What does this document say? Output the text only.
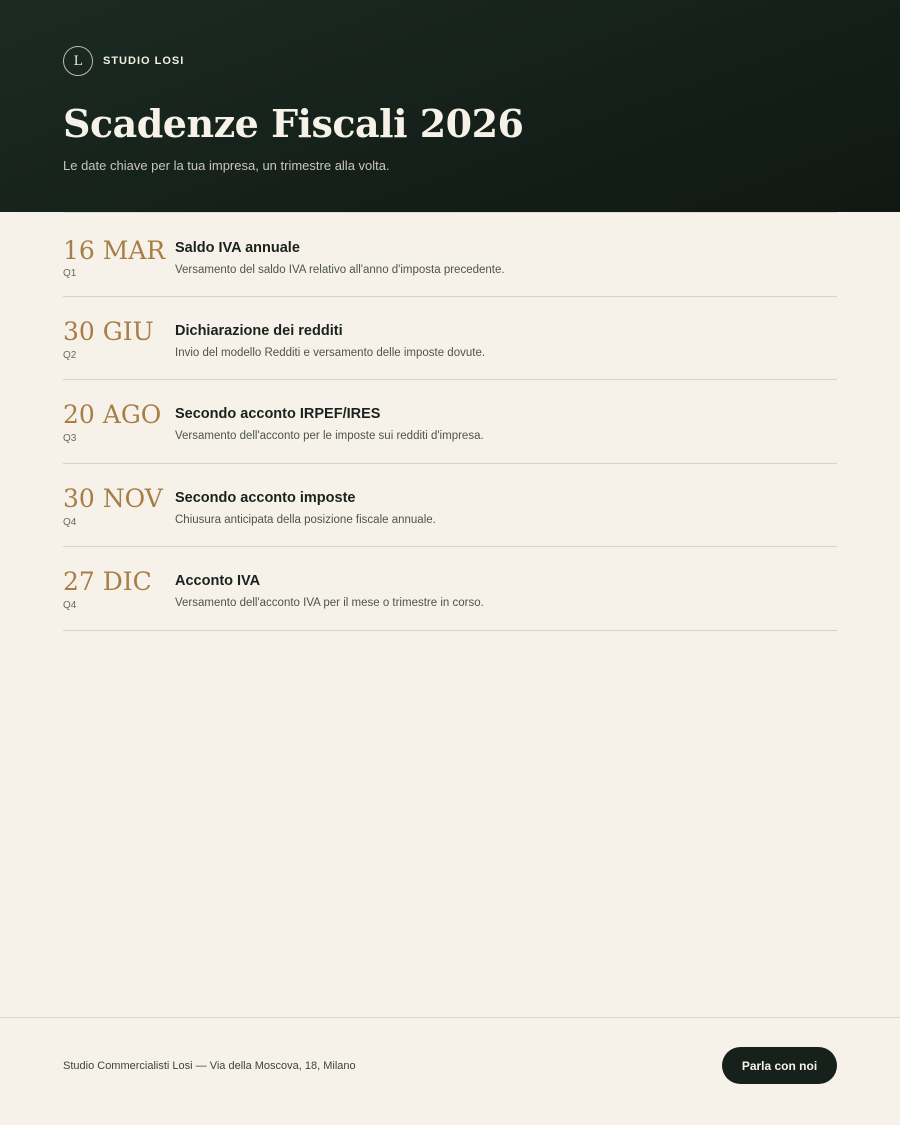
L	STUDIO LOSI
Scadenze Fiscali 2026

Le date chiave per la tua impresa, un trimestre alla volta.

16 MAR
Q1
Saldo IVA annuale
Versamento del saldo IVA relativo all'anno d'imposta precedente.
30 GIU
Q2
Dichiarazione dei redditi
Invio del modello Redditi e versamento delle imposte dovute.
20 AGO
Q3
Secondo acconto IRPEF/IRES
Versamento dell'acconto per le imposte sui redditi d'impresa.
30 NOV
Q4
Secondo acconto imposte
Chiusura anticipata della posizione fiscale annuale.
27 DIC
Q4
Acconto IVA
Versamento dell'acconto IVA per il mese o trimestre in corso.

Studio Commercialisti Losi — Via della Moscova, 18, Milano	Parla con noi
